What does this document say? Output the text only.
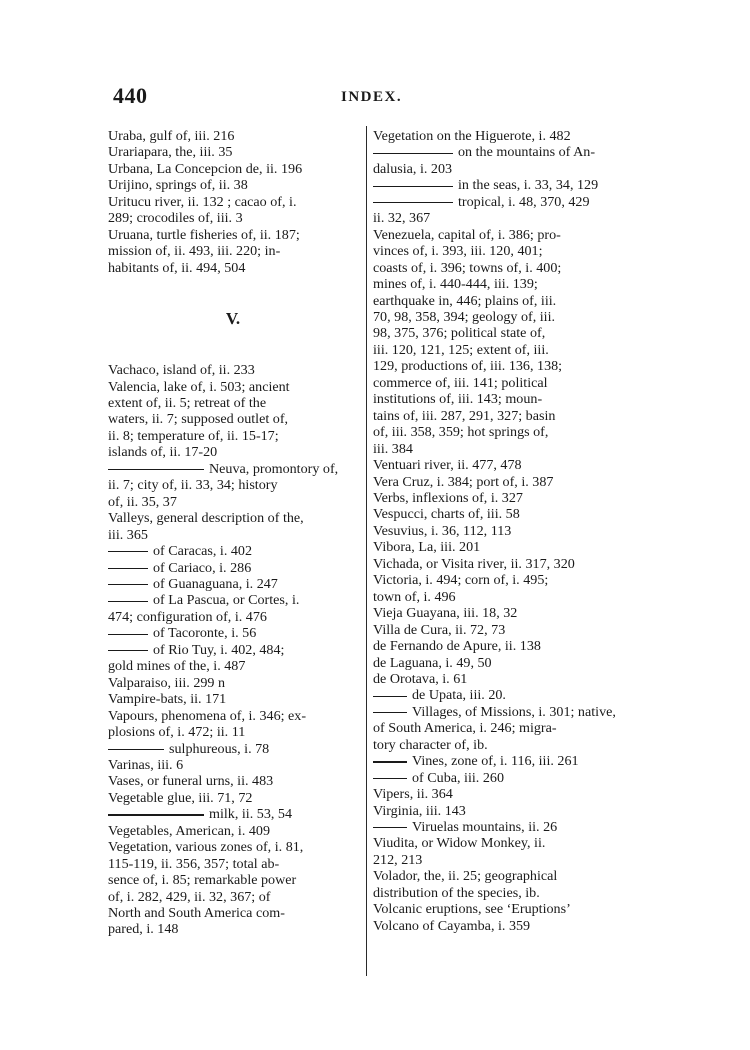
440	INDEX.
Uraba, gulf of, iii. 216
Urariapara, the, iii. 35
Urbana, La Concepcion de, ii. 196
Urijino, springs of, ii. 38
Uritucu river, ii. 132 ; cacao of, i.
289; crocodiles of, iii. 3
Uruana, turtle fisheries of, ii. 187;
mission of, ii. 493, iii. 220; in-
habitants of, ii. 494, 504
V.
Vachaco, island of, ii. 233
Valencia, lake of, i. 503; ancient
extent of, ii. 5; retreat of the
waters, ii. 7; supposed outlet of,
ii. 8; temperature of, ii. 15-17;
islands of, ii. 17-20
Neuva, promontory of,
ii. 7; city of, ii. 33, 34; history
of, ii. 35, 37
Valleys, general description of the,
iii. 365
of Caracas, i. 402
of Cariaco, i. 286
of Guanaguana, i. 247
of La Pascua, or Cortes, i.
474; configuration of, i. 476
of Tacoronte, i. 56
of Rio Tuy, i. 402, 484;
gold mines of the, i. 487
Valparaiso, iii. 299 n
Vampire-bats, ii. 171
Vapours, phenomena of, i. 346; ex-
plosions of, i. 472; ii. 11
sulphureous, i. 78
Varinas, iii. 6
Vases, or funeral urns, ii. 483
Vegetable glue, iii. 71, 72
milk, ii. 53, 54
Vegetables, American, i. 409
Vegetation, various zones of, i. 81,
115-119, ii. 356, 357; total ab-
sence of, i. 85; remarkable power
of, i. 282, 429, ii. 32, 367; of
North and South America com-
pared, i. 148
Vegetation on the Higuerote, i. 482
on the mountains of An-
dalusia, i. 203
in the seas, i. 33, 34, 129
tropical, i. 48, 370, 429
ii. 32, 367
Venezuela, capital of, i. 386; pro-
vinces of, i. 393, iii. 120, 401;
coasts of, i. 396; towns of, i. 400;
mines of, i. 440-444, iii. 139;
earthquake in, 446; plains of, iii.
70, 98, 358, 394; geology of, iii.
98, 375, 376; political state of,
iii. 120, 121, 125; extent of, iii.
129, productions of, iii. 136, 138;
commerce of, iii. 141; political
institutions of, iii. 143; moun-
tains of, iii. 287, 291, 327; basin
of, iii. 358, 359; hot springs of,
iii. 384
Ventuari river, ii. 477, 478
Vera Cruz, i. 384; port of, i. 387
Verbs, inflexions of, i. 327
Vespucci, charts of, iii. 58
Vesuvius, i. 36, 112, 113
Vibora, La, iii. 201
Vichada, or Visita river, ii. 317, 320
Victoria, i. 494; corn of, i. 495;
town of, i. 496
Vieja Guayana, iii. 18, 32
Villa de Cura, ii. 72, 73
de Fernando de Apure, ii. 138
de Laguana, i. 49, 50
de Orotava, i. 61
de Upata, iii. 20.
Villages, of Missions, i. 301; native,
of South America, i. 246; migra-
tory character of, ib.
Vines, zone of, i. 116, iii. 261
of Cuba, iii. 260
Vipers, ii. 364
Virginia, iii. 143
Viruelas mountains, ii. 26
Viudita, or Widow Monkey, ii.
212, 213
Volador, the, ii. 25; geographical
distribution of the species, ib.
Volcanic eruptions, see ‘Eruptions’
Volcano of Cayamba, i. 359
